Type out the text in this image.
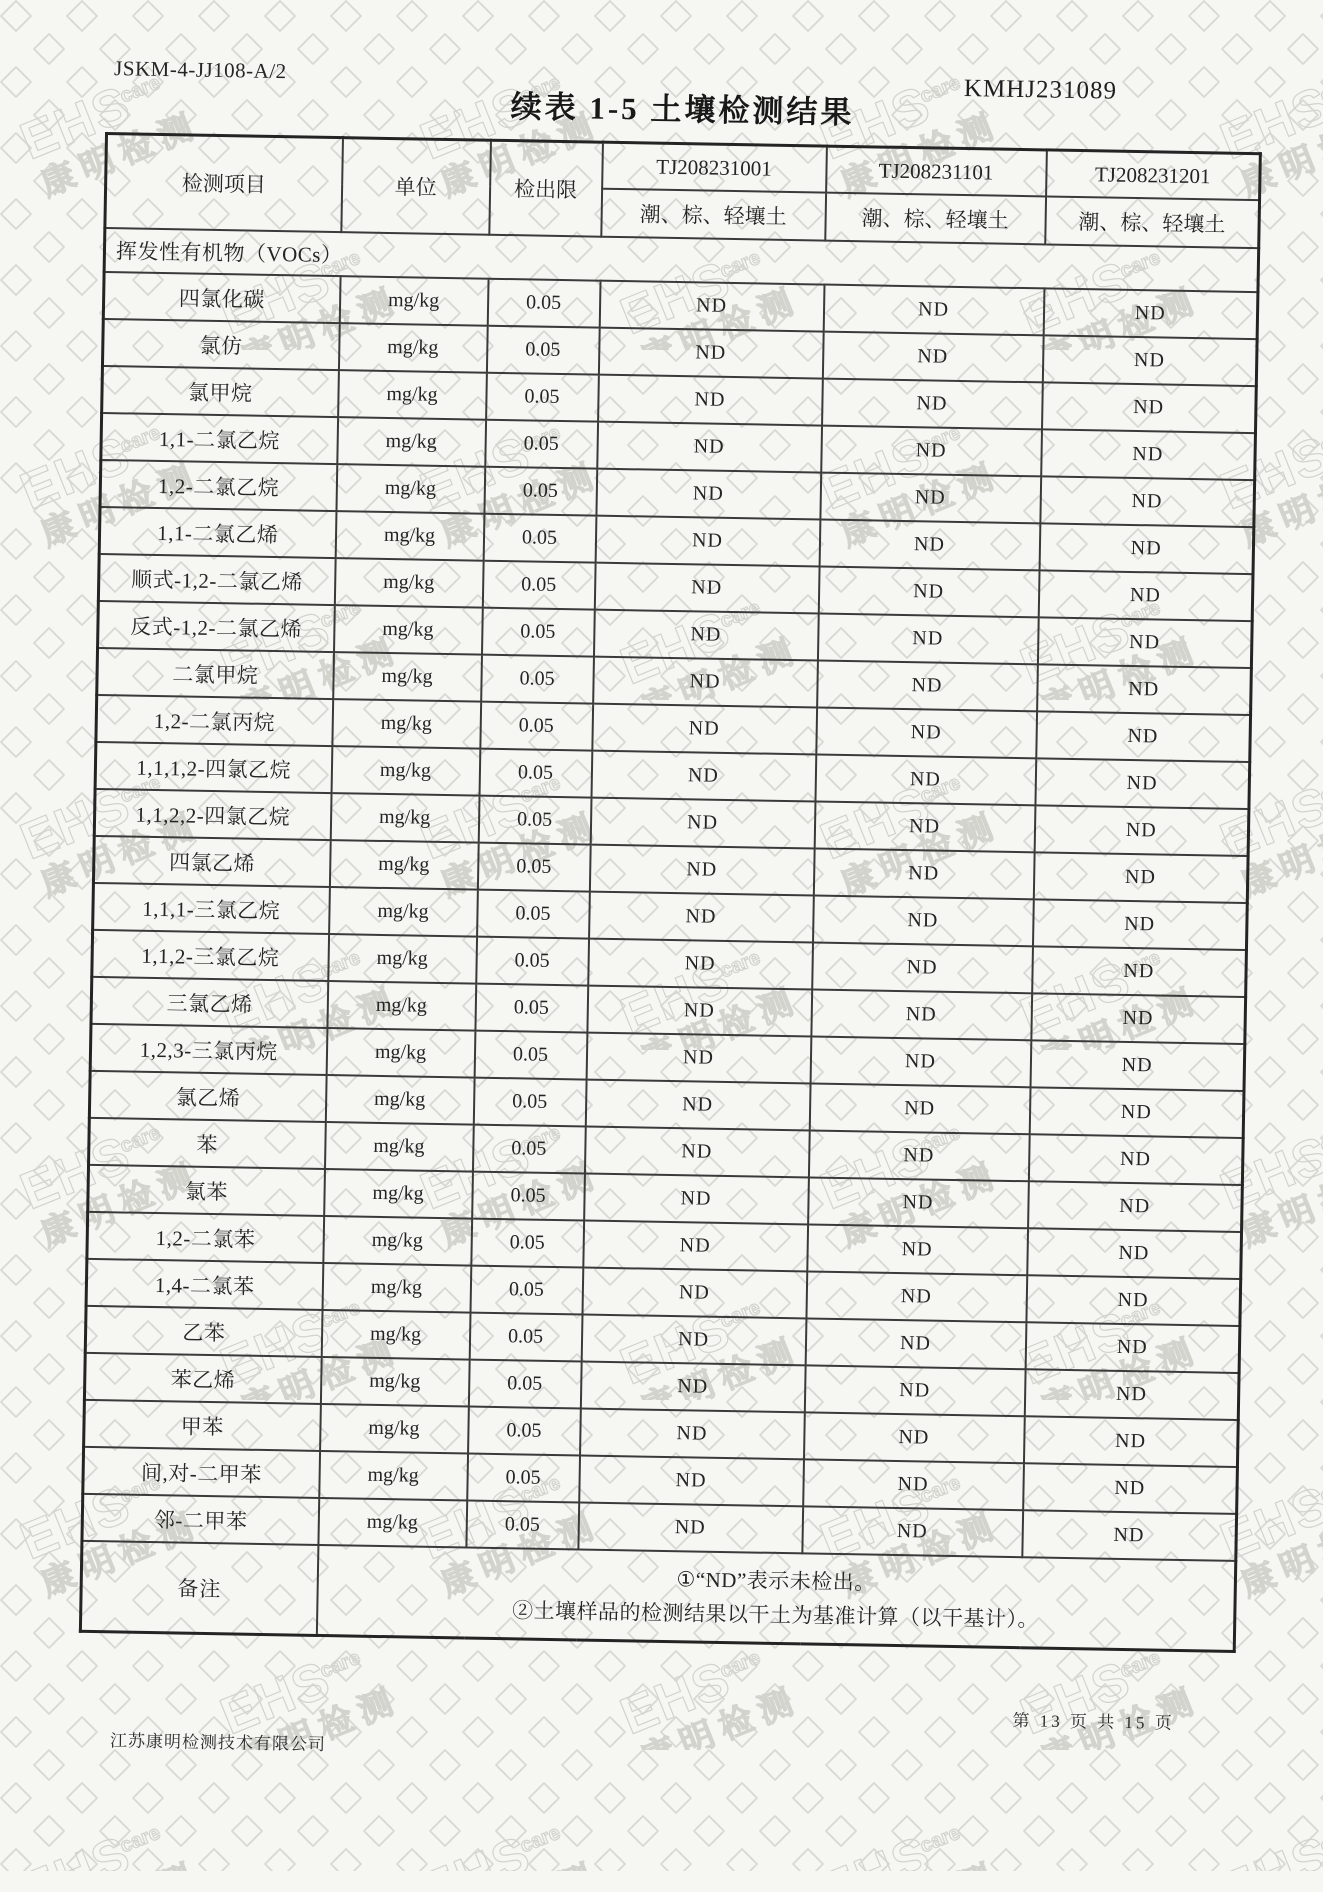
JSKM-4-JJ108-A/2
KMHJ231089
续表 1-5 土壤检测结果
检测项目	单位	检出限	TJ208231001	TJ208231101	TJ208231201
			潮、棕、轻壤土	潮、棕、轻壤土	潮、棕、轻壤土
挥发性有机物（VOCs）					
四氯化碳	mg/kg	0.05	ND	ND	ND
氯仿	mg/kg	0.05	ND	ND	ND
氯甲烷	mg/kg	0.05	ND	ND	ND
1,1-二氯乙烷	mg/kg	0.05	ND	ND	ND
1,2-二氯乙烷	mg/kg	0.05	ND	ND	ND
1,1-二氯乙烯	mg/kg	0.05	ND	ND	ND
顺式-1,2-二氯乙烯	mg/kg	0.05	ND	ND	ND
反式-1,2-二氯乙烯	mg/kg	0.05	ND	ND	ND
二氯甲烷	mg/kg	0.05	ND	ND	ND
1,2-二氯丙烷	mg/kg	0.05	ND	ND	ND
1,1,1,2-四氯乙烷	mg/kg	0.05	ND	ND	ND
1,1,2,2-四氯乙烷	mg/kg	0.05	ND	ND	ND
四氯乙烯	mg/kg	0.05	ND	ND	ND
1,1,1-三氯乙烷	mg/kg	0.05	ND	ND	ND
1,1,2-三氯乙烷	mg/kg	0.05	ND	ND	ND
三氯乙烯	mg/kg	0.05	ND	ND	ND
1,2,3-三氯丙烷	mg/kg	0.05	ND	ND	ND
氯乙烯	mg/kg	0.05	ND	ND	ND
苯	mg/kg	0.05	ND	ND	ND
氯苯	mg/kg	0.05	ND	ND	ND
1,2-二氯苯	mg/kg	0.05	ND	ND	ND
1,4-二氯苯	mg/kg	0.05	ND	ND	ND
乙苯	mg/kg	0.05	ND	ND	ND
苯乙烯	mg/kg	0.05	ND	ND	ND
甲苯	mg/kg	0.05	ND	ND	ND
间,对-二甲苯	mg/kg	0.05	ND	ND	ND
邻-二甲苯	mg/kg	0.05	ND	ND	ND
备注	①“ND”表示未检出。
②土壤样品的检测结果以干土为基准计算（以干基计）。				
江苏康明检测技术有限公司
第 13 页 共 15 页
